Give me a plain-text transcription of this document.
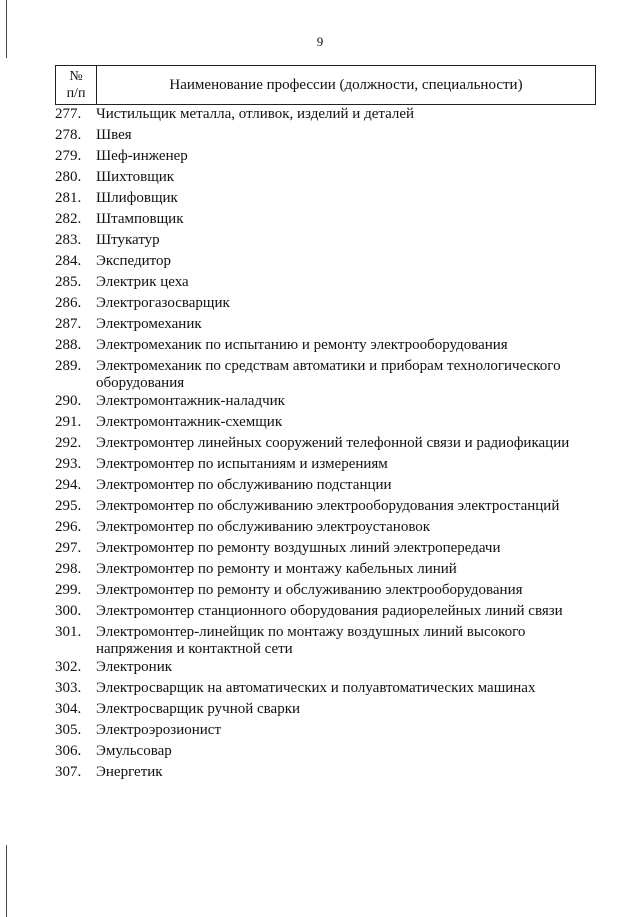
9
№
п/п
Наименование профессии (должности, специальности)
277. Чистильщик металла, отливок, изделий и деталей
278. Швея
279. Шеф-инженер
280. Шихтовщик
281. Шлифовщик
282. Штамповщик
283. Штукатур
284. Экспедитор
285. Электрик цеха
286. Электрогазосварщик
287. Электромеханик
288. Электромеханик по испытанию и ремонту электрооборудования
289. Электромеханик по средствам автоматики и приборам технологического оборудования
290. Электромонтажник-наладчик
291. Электромонтажник-схемщик
292. Электромонтер линейных сооружений телефонной связи и радиофикации
293. Электромонтер по испытаниям и измерениям
294. Электромонтер по обслуживанию подстанции
295. Электромонтер по обслуживанию электрооборудования электростанций
296. Электромонтер по обслуживанию электроустановок
297. Электромонтер по ремонту воздушных линий электропередачи
298. Электромонтер по ремонту и монтажу кабельных линий
299. Электромонтер по ремонту и обслуживанию электрооборудования
300. Электромонтер станционного оборудования радиорелейных линий связи
301. Электромонтер-линейщик по монтажу воздушных линий высокого напряжения и контактной сети
302. Электроник
303. Электросварщик на автоматических и полуавтоматических машинах
304. Электросварщик ручной сварки
305. Электроэрозионист
306. Эмульсовар
307. Энергетик
